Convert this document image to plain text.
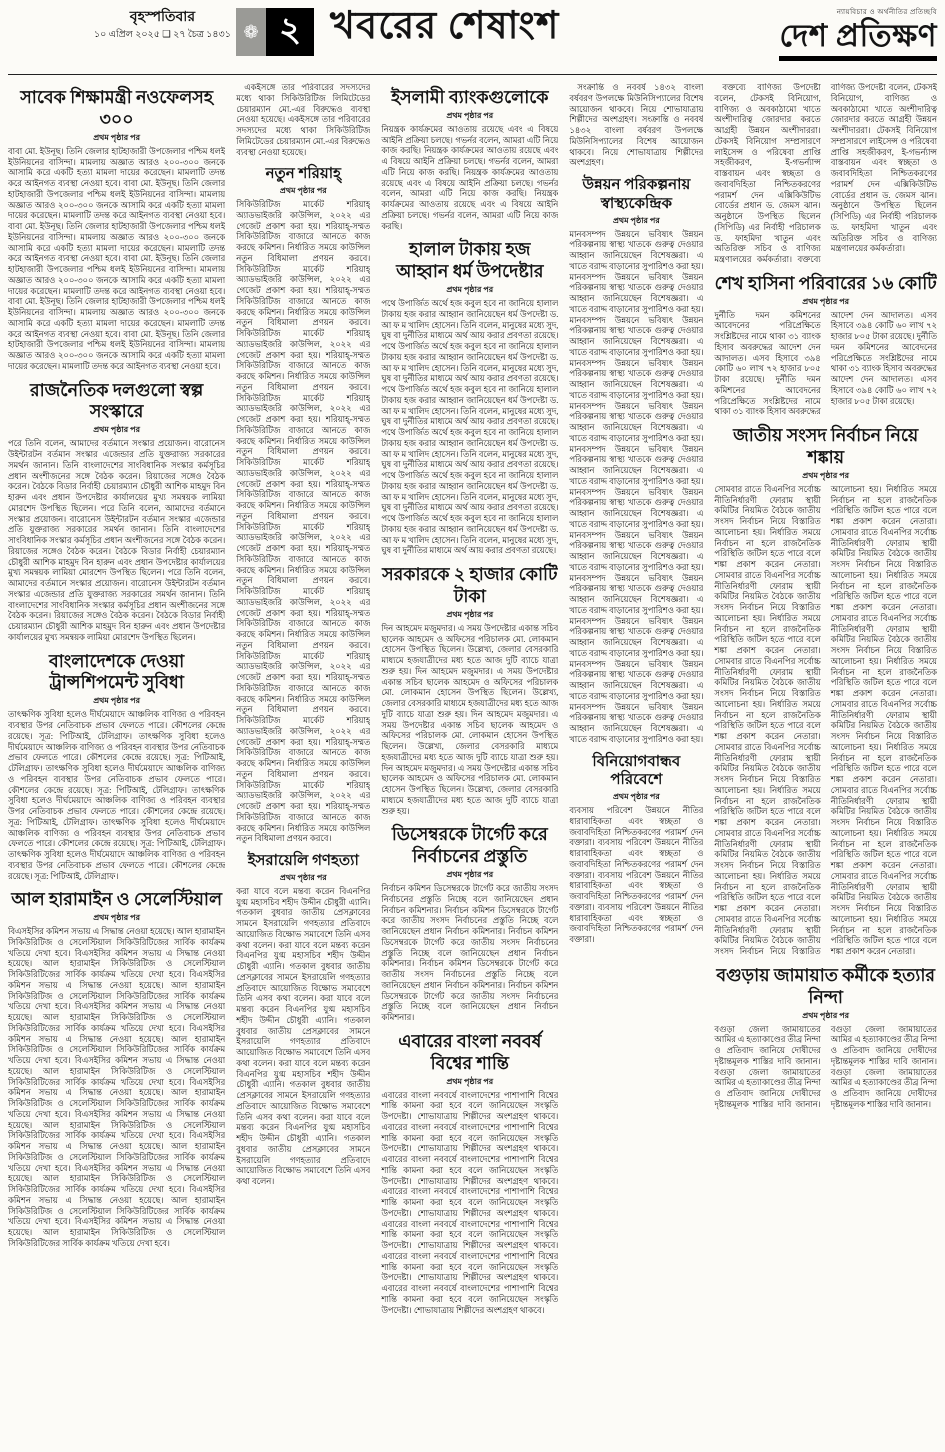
বৃহস্পতিবার
১০ এপ্রিল ২০২৫ ❑ ২৭ চৈত্র ১৪৩১ ❁ ২ খবরের শেষাংশ	ন্যায়বিচার ও অর্থনীতির প্রতিচ্ছবি
দেশ প্রতিক্ষণ
সাবেক শিক্ষামন্ত্রী নওফেলসহ ৩০০
প্রথম পৃষ্ঠার পর

বাবা মো. ইউনূছ। তিনি জেলার হাটহাজারী উপজেলার পশ্চিম ধলই ইউনিয়নের বাসিন্দা। মামলায় অজ্ঞাত আরও ২০০-৩০০ জনকে আসামি করে একটি হত্যা মামলা দায়ের করেছেন। মামলাটি তদন্ত করে আইনগত ব্যবস্থা নেওয়া হবে। বাবা মো. ইউনূছ। তিনি জেলার হাটহাজারী উপজেলার পশ্চিম ধলই ইউনিয়নের বাসিন্দা। মামলায় অজ্ঞাত আরও ২০০-৩০০ জনকে আসামি করে একটি হত্যা মামলা দায়ের করেছেন। মামলাটি তদন্ত করে আইনগত ব্যবস্থা নেওয়া হবে। বাবা মো. ইউনূছ। তিনি জেলার হাটহাজারী উপজেলার পশ্চিম ধলই ইউনিয়নের বাসিন্দা। মামলায় অজ্ঞাত আরও ২০০-৩০০ জনকে আসামি করে একটি হত্যা মামলা দায়ের করেছেন। মামলাটি তদন্ত করে আইনগত ব্যবস্থা নেওয়া হবে। বাবা মো. ইউনূছ। তিনি জেলার হাটহাজারী উপজেলার পশ্চিম ধলই ইউনিয়নের বাসিন্দা। মামলায় অজ্ঞাত আরও ২০০-৩০০ জনকে আসামি করে একটি হত্যা মামলা দায়ের করেছেন। মামলাটি তদন্ত করে আইনগত ব্যবস্থা নেওয়া হবে। বাবা মো. ইউনূছ। তিনি জেলার হাটহাজারী উপজেলার পশ্চিম ধলই ইউনিয়নের বাসিন্দা। মামলায় অজ্ঞাত আরও ২০০-৩০০ জনকে আসামি করে একটি হত্যা মামলা দায়ের করেছেন। মামলাটি তদন্ত করে আইনগত ব্যবস্থা নেওয়া হবে। বাবা মো. ইউনূছ। তিনি জেলার হাটহাজারী উপজেলার পশ্চিম ধলই ইউনিয়নের বাসিন্দা। মামলায় অজ্ঞাত আরও ২০০-৩০০ জনকে আসামি করে একটি হত্যা মামলা দায়ের করেছেন। মামলাটি তদন্ত করে আইনগত ব্যবস্থা নেওয়া হবে।

রাজনৈতিক দলগুলো স্বল্প সংস্কারে
প্রথম পৃষ্ঠার পর

পরে তিনি বলেন, আমাদের বর্তমানে সংস্কার প্রয়োজন। বারোনেস উইন্টারটন বর্তমান সংস্কার এজেন্ডার প্রতি যুক্তরাজ্য সরকারের সমর্থন জানান। তিনি বাংলাদেশের সাংবিধানিক সংস্কার কর্মসূচির প্রধান অংশীজনের সঙ্গে বৈঠক করেন। রিয়াজের সঙ্গেও বৈঠক করেন। বৈঠকে বিডার নির্বাহী চেয়ারম্যান চৌধুরী আশিক মাহমুদ বিন হারুন এবং প্রধান উপদেষ্টার কার্যালয়ের মুখ্য সমন্বয়ক লামিয়া মোরশেদ উপস্থিত ছিলেন। পরে তিনি বলেন, আমাদের বর্তমানে সংস্কার প্রয়োজন। বারোনেস উইন্টারটন বর্তমান সংস্কার এজেন্ডার প্রতি যুক্তরাজ্য সরকারের সমর্থন জানান। তিনি বাংলাদেশের সাংবিধানিক সংস্কার কর্মসূচির প্রধান অংশীজনের সঙ্গে বৈঠক করেন। রিয়াজের সঙ্গেও বৈঠক করেন। বৈঠকে বিডার নির্বাহী চেয়ারম্যান চৌধুরী আশিক মাহমুদ বিন হারুন এবং প্রধান উপদেষ্টার কার্যালয়ের মুখ্য সমন্বয়ক লামিয়া মোরশেদ উপস্থিত ছিলেন। পরে তিনি বলেন, আমাদের বর্তমানে সংস্কার প্রয়োজন। বারোনেস উইন্টারটন বর্তমান সংস্কার এজেন্ডার প্রতি যুক্তরাজ্য সরকারের সমর্থন জানান। তিনি বাংলাদেশের সাংবিধানিক সংস্কার কর্মসূচির প্রধান অংশীজনের সঙ্গে বৈঠক করেন। রিয়াজের সঙ্গেও বৈঠক করেন। বৈঠকে বিডার নির্বাহী চেয়ারম্যান চৌধুরী আশিক মাহমুদ বিন হারুন এবং প্রধান উপদেষ্টার কার্যালয়ের মুখ্য সমন্বয়ক লামিয়া মোরশেদ উপস্থিত ছিলেন।

বাংলাদেশকে দেওয়া ট্রান্সশিপমেন্ট সুবিধা
প্রথম পৃষ্ঠার পর

তাৎক্ষণিক সুবিধা হলেও দীর্ঘমেয়াদে আঞ্চলিক বাণিজ্য ও পরিবহন ব্যবস্থার উপর নেতিবাচক প্রভাব ফেলতে পারে। কৌশলের কেন্দ্রে রয়েছে। সূত্র: পিটিআই, টেলিগ্রাফ। তাৎক্ষণিক সুবিধা হলেও দীর্ঘমেয়াদে আঞ্চলিক বাণিজ্য ও পরিবহন ব্যবস্থার উপর নেতিবাচক প্রভাব ফেলতে পারে। কৌশলের কেন্দ্রে রয়েছে। সূত্র: পিটিআই, টেলিগ্রাফ। তাৎক্ষণিক সুবিধা হলেও দীর্ঘমেয়াদে আঞ্চলিক বাণিজ্য ও পরিবহন ব্যবস্থার উপর নেতিবাচক প্রভাব ফেলতে পারে। কৌশলের কেন্দ্রে রয়েছে। সূত্র: পিটিআই, টেলিগ্রাফ। তাৎক্ষণিক সুবিধা হলেও দীর্ঘমেয়াদে আঞ্চলিক বাণিজ্য ও পরিবহন ব্যবস্থার উপর নেতিবাচক প্রভাব ফেলতে পারে। কৌশলের কেন্দ্রে রয়েছে। সূত্র: পিটিআই, টেলিগ্রাফ। তাৎক্ষণিক সুবিধা হলেও দীর্ঘমেয়াদে আঞ্চলিক বাণিজ্য ও পরিবহন ব্যবস্থার উপর নেতিবাচক প্রভাব ফেলতে পারে। কৌশলের কেন্দ্রে রয়েছে। সূত্র: পিটিআই, টেলিগ্রাফ। তাৎক্ষণিক সুবিধা হলেও দীর্ঘমেয়াদে আঞ্চলিক বাণিজ্য ও পরিবহন ব্যবস্থার উপর নেতিবাচক প্রভাব ফেলতে পারে। কৌশলের কেন্দ্রে রয়েছে। সূত্র: পিটিআই, টেলিগ্রাফ।

আল হারামাইন ও সেলেস্টিয়াল
প্রথম পৃষ্ঠার পর

বিএসইসির কমিশন সভায় এ সিদ্ধান্ত নেওয়া হয়েছে। আল হারামাইন সিকিউরিটিজ ও সেলেস্টিয়াল সিকিউরিটিজের সার্বিক কার্যক্রম খতিয়ে দেখা হবে। বিএসইসির কমিশন সভায় এ সিদ্ধান্ত নেওয়া হয়েছে। আল হারামাইন সিকিউরিটিজ ও সেলেস্টিয়াল সিকিউরিটিজের সার্বিক কার্যক্রম খতিয়ে দেখা হবে। বিএসইসির কমিশন সভায় এ সিদ্ধান্ত নেওয়া হয়েছে। আল হারামাইন সিকিউরিটিজ ও সেলেস্টিয়াল সিকিউরিটিজের সার্বিক কার্যক্রম খতিয়ে দেখা হবে। বিএসইসির কমিশন সভায় এ সিদ্ধান্ত নেওয়া হয়েছে। আল হারামাইন সিকিউরিটিজ ও সেলেস্টিয়াল সিকিউরিটিজের সার্বিক কার্যক্রম খতিয়ে দেখা হবে। বিএসইসির কমিশন সভায় এ সিদ্ধান্ত নেওয়া হয়েছে। আল হারামাইন সিকিউরিটিজ ও সেলেস্টিয়াল সিকিউরিটিজের সার্বিক কার্যক্রম খতিয়ে দেখা হবে। বিএসইসির কমিশন সভায় এ সিদ্ধান্ত নেওয়া হয়েছে। আল হারামাইন সিকিউরিটিজ ও সেলেস্টিয়াল সিকিউরিটিজের সার্বিক কার্যক্রম খতিয়ে দেখা হবে। বিএসইসির কমিশন সভায় এ সিদ্ধান্ত নেওয়া হয়েছে। আল হারামাইন সিকিউরিটিজ ও সেলেস্টিয়াল সিকিউরিটিজের সার্বিক কার্যক্রম খতিয়ে দেখা হবে। বিএসইসির কমিশন সভায় এ সিদ্ধান্ত নেওয়া হয়েছে। আল হারামাইন সিকিউরিটিজ ও সেলেস্টিয়াল সিকিউরিটিজের সার্বিক কার্যক্রম খতিয়ে দেখা হবে। বিএসইসির কমিশন সভায় এ সিদ্ধান্ত নেওয়া হয়েছে। আল হারামাইন সিকিউরিটিজ ও সেলেস্টিয়াল সিকিউরিটিজের সার্বিক কার্যক্রম খতিয়ে দেখা হবে। বিএসইসির কমিশন সভায় এ সিদ্ধান্ত নেওয়া হয়েছে। আল হারামাইন সিকিউরিটিজ ও সেলেস্টিয়াল সিকিউরিটিজের সার্বিক কার্যক্রম খতিয়ে দেখা হবে। বিএসইসির কমিশন সভায় এ সিদ্ধান্ত নেওয়া হয়েছে। আল হারামাইন সিকিউরিটিজ ও সেলেস্টিয়াল সিকিউরিটিজের সার্বিক কার্যক্রম খতিয়ে দেখা হবে। বিএসইসির কমিশন সভায় এ সিদ্ধান্ত নেওয়া হয়েছে। আল হারামাইন সিকিউরিটিজ ও সেলেস্টিয়াল সিকিউরিটিজের সার্বিক কার্যক্রম খতিয়ে দেখা হবে।

একইসঙ্গে তার পরিবারের সদস্যদের মধ্যে থাকা সিকিউরিটিজ লিমিটেডের চেয়ারম্যান মো.-এর বিরুদ্ধেও ব্যবস্থা নেওয়া হয়েছে। একইসঙ্গে তার পরিবারের সদস্যদের মধ্যে থাকা সিকিউরিটিজ লিমিটেডের চেয়ারম্যান মো.-এর বিরুদ্ধেও ব্যবস্থা নেওয়া হয়েছে।

নতুন শরিয়াহ্
প্রথম পৃষ্ঠার পর

সিকিউরিটিজ মার্কেট শরিয়াহ্ অ্যাডভাইজরি কাউন্সিল, ২০২২ এর গেজেট প্রকাশ করা হয়। শরিয়াহ্-সম্মত সিকিউরিটিজ বাজারে আনতে কাজ করছে কমিশন। নির্ধারিত সময়ে কাউন্সিল নতুন বিধিমালা প্রণয়ন করবে। সিকিউরিটিজ মার্কেট শরিয়াহ্ অ্যাডভাইজরি কাউন্সিল, ২০২২ এর গেজেট প্রকাশ করা হয়। শরিয়াহ্-সম্মত সিকিউরিটিজ বাজারে আনতে কাজ করছে কমিশন। নির্ধারিত সময়ে কাউন্সিল নতুন বিধিমালা প্রণয়ন করবে। সিকিউরিটিজ মার্কেট শরিয়াহ্ অ্যাডভাইজরি কাউন্সিল, ২০২২ এর গেজেট প্রকাশ করা হয়। শরিয়াহ্-সম্মত সিকিউরিটিজ বাজারে আনতে কাজ করছে কমিশন। নির্ধারিত সময়ে কাউন্সিল নতুন বিধিমালা প্রণয়ন করবে। সিকিউরিটিজ মার্কেট শরিয়াহ্ অ্যাডভাইজরি কাউন্সিল, ২০২২ এর গেজেট প্রকাশ করা হয়। শরিয়াহ্-সম্মত সিকিউরিটিজ বাজারে আনতে কাজ করছে কমিশন। নির্ধারিত সময়ে কাউন্সিল নতুন বিধিমালা প্রণয়ন করবে। সিকিউরিটিজ মার্কেট শরিয়াহ্ অ্যাডভাইজরি কাউন্সিল, ২০২২ এর গেজেট প্রকাশ করা হয়। শরিয়াহ্-সম্মত সিকিউরিটিজ বাজারে আনতে কাজ করছে কমিশন। নির্ধারিত সময়ে কাউন্সিল নতুন বিধিমালা প্রণয়ন করবে। সিকিউরিটিজ মার্কেট শরিয়াহ্ অ্যাডভাইজরি কাউন্সিল, ২০২২ এর গেজেট প্রকাশ করা হয়। শরিয়াহ্-সম্মত সিকিউরিটিজ বাজারে আনতে কাজ করছে কমিশন। নির্ধারিত সময়ে কাউন্সিল নতুন বিধিমালা প্রণয়ন করবে। সিকিউরিটিজ মার্কেট শরিয়াহ্ অ্যাডভাইজরি কাউন্সিল, ২০২২ এর গেজেট প্রকাশ করা হয়। শরিয়াহ্-সম্মত সিকিউরিটিজ বাজারে আনতে কাজ করছে কমিশন। নির্ধারিত সময়ে কাউন্সিল নতুন বিধিমালা প্রণয়ন করবে। সিকিউরিটিজ মার্কেট শরিয়াহ্ অ্যাডভাইজরি কাউন্সিল, ২০২২ এর গেজেট প্রকাশ করা হয়। শরিয়াহ্-সম্মত সিকিউরিটিজ বাজারে আনতে কাজ করছে কমিশন। নির্ধারিত সময়ে কাউন্সিল নতুন বিধিমালা প্রণয়ন করবে। সিকিউরিটিজ মার্কেট শরিয়াহ্ অ্যাডভাইজরি কাউন্সিল, ২০২২ এর গেজেট প্রকাশ করা হয়। শরিয়াহ্-সম্মত সিকিউরিটিজ বাজারে আনতে কাজ করছে কমিশন। নির্ধারিত সময়ে কাউন্সিল নতুন বিধিমালা প্রণয়ন করবে। সিকিউরিটিজ মার্কেট শরিয়াহ্ অ্যাডভাইজরি কাউন্সিল, ২০২২ এর গেজেট প্রকাশ করা হয়। শরিয়াহ্-সম্মত সিকিউরিটিজ বাজারে আনতে কাজ করছে কমিশন। নির্ধারিত সময়ে কাউন্সিল নতুন বিধিমালা প্রণয়ন করবে।

ইসরায়েলি গণহত্যা
প্রথম পৃষ্ঠার পর

করা যাবে বলে মন্তব্য করেন বিএনপির যুগ্ম মহাসচিব শহীদ উদ্দীন চৌধুরী এ্যানি। গতকাল বুধবার জাতীয় প্রেসক্লাবের সামনে ইসরায়েলি গণহত্যার প্রতিবাদে আয়োজিত বিক্ষোভ সমাবেশে তিনি এসব কথা বলেন। করা যাবে বলে মন্তব্য করেন বিএনপির যুগ্ম মহাসচিব শহীদ উদ্দীন চৌধুরী এ্যানি। গতকাল বুধবার জাতীয় প্রেসক্লাবের সামনে ইসরায়েলি গণহত্যার প্রতিবাদে আয়োজিত বিক্ষোভ সমাবেশে তিনি এসব কথা বলেন। করা যাবে বলে মন্তব্য করেন বিএনপির যুগ্ম মহাসচিব শহীদ উদ্দীন চৌধুরী এ্যানি। গতকাল বুধবার জাতীয় প্রেসক্লাবের সামনে ইসরায়েলি গণহত্যার প্রতিবাদে আয়োজিত বিক্ষোভ সমাবেশে তিনি এসব কথা বলেন। করা যাবে বলে মন্তব্য করেন বিএনপির যুগ্ম মহাসচিব শহীদ উদ্দীন চৌধুরী এ্যানি। গতকাল বুধবার জাতীয় প্রেসক্লাবের সামনে ইসরায়েলি গণহত্যার প্রতিবাদে আয়োজিত বিক্ষোভ সমাবেশে তিনি এসব কথা বলেন। করা যাবে বলে মন্তব্য করেন বিএনপির যুগ্ম মহাসচিব শহীদ উদ্দীন চৌধুরী এ্যানি। গতকাল বুধবার জাতীয় প্রেসক্লাবের সামনে ইসরায়েলি গণহত্যার প্রতিবাদে আয়োজিত বিক্ষোভ সমাবেশে তিনি এসব কথা বলেন।

ইসলামী ব্যাংকগুলোকে
প্রথম পৃষ্ঠার পর

নিয়ন্ত্রক কার্যক্রমের আওতায় রয়েছে এবং এ বিষয়ে আইনি প্রক্রিয়া চলছে। গভর্নর বলেন, আমরা এটি নিয়ে কাজ করছি। নিয়ন্ত্রক কার্যক্রমের আওতায় রয়েছে এবং এ বিষয়ে আইনি প্রক্রিয়া চলছে। গভর্নর বলেন, আমরা এটি নিয়ে কাজ করছি। নিয়ন্ত্রক কার্যক্রমের আওতায় রয়েছে এবং এ বিষয়ে আইনি প্রক্রিয়া চলছে। গভর্নর বলেন, আমরা এটি নিয়ে কাজ করছি। নিয়ন্ত্রক কার্যক্রমের আওতায় রয়েছে এবং এ বিষয়ে আইনি প্রক্রিয়া চলছে। গভর্নর বলেন, আমরা এটি নিয়ে কাজ করছি।

হালাল টাকায় হজ আহ্বান ধর্ম উপদেষ্টার
প্রথম পৃষ্ঠার পর

পথে উপার্জিত অর্থে হজ কবুল হবে না জানিয়ে হালাল টাকায় হজ করার আহ্বান জানিয়েছেন ধর্ম উপদেষ্টা ড. আ ফ ম খালিদ হোসেন। তিনি বলেন, মানুষের মধ্যে সুদ, ঘুষ বা দুর্নীতির মাধ্যমে অর্থ আয় করার প্রবণতা রয়েছে। পথে উপার্জিত অর্থে হজ কবুল হবে না জানিয়ে হালাল টাকায় হজ করার আহ্বান জানিয়েছেন ধর্ম উপদেষ্টা ড. আ ফ ম খালিদ হোসেন। তিনি বলেন, মানুষের মধ্যে সুদ, ঘুষ বা দুর্নীতির মাধ্যমে অর্থ আয় করার প্রবণতা রয়েছে। পথে উপার্জিত অর্থে হজ কবুল হবে না জানিয়ে হালাল টাকায় হজ করার আহ্বান জানিয়েছেন ধর্ম উপদেষ্টা ড. আ ফ ম খালিদ হোসেন। তিনি বলেন, মানুষের মধ্যে সুদ, ঘুষ বা দুর্নীতির মাধ্যমে অর্থ আয় করার প্রবণতা রয়েছে। পথে উপার্জিত অর্থে হজ কবুল হবে না জানিয়ে হালাল টাকায় হজ করার আহ্বান জানিয়েছেন ধর্ম উপদেষ্টা ড. আ ফ ম খালিদ হোসেন। তিনি বলেন, মানুষের মধ্যে সুদ, ঘুষ বা দুর্নীতির মাধ্যমে অর্থ আয় করার প্রবণতা রয়েছে। পথে উপার্জিত অর্থে হজ কবুল হবে না জানিয়ে হালাল টাকায় হজ করার আহ্বান জানিয়েছেন ধর্ম উপদেষ্টা ড. আ ফ ম খালিদ হোসেন। তিনি বলেন, মানুষের মধ্যে সুদ, ঘুষ বা দুর্নীতির মাধ্যমে অর্থ আয় করার প্রবণতা রয়েছে। পথে উপার্জিত অর্থে হজ কবুল হবে না জানিয়ে হালাল টাকায় হজ করার আহ্বান জানিয়েছেন ধর্ম উপদেষ্টা ড. আ ফ ম খালিদ হোসেন। তিনি বলেন, মানুষের মধ্যে সুদ, ঘুষ বা দুর্নীতির মাধ্যমে অর্থ আয় করার প্রবণতা রয়েছে।

সরকারকে ২ হাজার কোটি টাকা
প্রথম পৃষ্ঠার পর

দিন আহমেদ মজুমদার। এ সময় উপদেষ্টার একান্ত সচিব ছালেক আহমেদ ও অফিসের পরিচালক মো. লোকমান হোসেন উপস্থিত ছিলেন। উল্লেখ্য, জেলার বেসরকারি মাধ্যমে হজযাত্রীদের মধ্য হতে আজ দুটি ব্যাচে যাত্রা শুরু হয়। দিন আহমেদ মজুমদার। এ সময় উপদেষ্টার একান্ত সচিব ছালেক আহমেদ ও অফিসের পরিচালক মো. লোকমান হোসেন উপস্থিত ছিলেন। উল্লেখ্য, জেলার বেসরকারি মাধ্যমে হজযাত্রীদের মধ্য হতে আজ দুটি ব্যাচে যাত্রা শুরু হয়। দিন আহমেদ মজুমদার। এ সময় উপদেষ্টার একান্ত সচিব ছালেক আহমেদ ও অফিসের পরিচালক মো. লোকমান হোসেন উপস্থিত ছিলেন। উল্লেখ্য, জেলার বেসরকারি মাধ্যমে হজযাত্রীদের মধ্য হতে আজ দুটি ব্যাচে যাত্রা শুরু হয়। দিন আহমেদ মজুমদার। এ সময় উপদেষ্টার একান্ত সচিব ছালেক আহমেদ ও অফিসের পরিচালক মো. লোকমান হোসেন উপস্থিত ছিলেন। উল্লেখ্য, জেলার বেসরকারি মাধ্যমে হজযাত্রীদের মধ্য হতে আজ দুটি ব্যাচে যাত্রা শুরু হয়।

ডিসেম্বরকে টার্গেট করে নির্বাচনের প্রস্তুতি
প্রথম পৃষ্ঠার পর

নির্বাচন কমিশন ডিসেম্বরকে টার্গেট করে জাতীয় সংসদ নির্বাচনের প্রস্তুতি নিচ্ছে বলে জানিয়েছেন প্রধান নির্বাচন কমিশনার। নির্বাচন কমিশন ডিসেম্বরকে টার্গেট করে জাতীয় সংসদ নির্বাচনের প্রস্তুতি নিচ্ছে বলে জানিয়েছেন প্রধান নির্বাচন কমিশনার। নির্বাচন কমিশন ডিসেম্বরকে টার্গেট করে জাতীয় সংসদ নির্বাচনের প্রস্তুতি নিচ্ছে বলে জানিয়েছেন প্রধান নির্বাচন কমিশনার। নির্বাচন কমিশন ডিসেম্বরকে টার্গেট করে জাতীয় সংসদ নির্বাচনের প্রস্তুতি নিচ্ছে বলে জানিয়েছেন প্রধান নির্বাচন কমিশনার। নির্বাচন কমিশন ডিসেম্বরকে টার্গেট করে জাতীয় সংসদ নির্বাচনের প্রস্তুতি নিচ্ছে বলে জানিয়েছেন প্রধান নির্বাচন কমিশনার।

এবারের বাংলা নববর্ষ বিশ্বের শান্তি
প্রথম পৃষ্ঠার পর

এবারের বাংলা নববর্ষে বাংলাদেশের পাশাপাশি বিশ্বের শান্তি কামনা করা হবে বলে জানিয়েছেন সংস্কৃতি উপদেষ্টা। শোভাযাত্রায় শিল্পীদের অংশগ্রহণ থাকবে। এবারের বাংলা নববর্ষে বাংলাদেশের পাশাপাশি বিশ্বের শান্তি কামনা করা হবে বলে জানিয়েছেন সংস্কৃতি উপদেষ্টা। শোভাযাত্রায় শিল্পীদের অংশগ্রহণ থাকবে। এবারের বাংলা নববর্ষে বাংলাদেশের পাশাপাশি বিশ্বের শান্তি কামনা করা হবে বলে জানিয়েছেন সংস্কৃতি উপদেষ্টা। শোভাযাত্রায় শিল্পীদের অংশগ্রহণ থাকবে। এবারের বাংলা নববর্ষে বাংলাদেশের পাশাপাশি বিশ্বের শান্তি কামনা করা হবে বলে জানিয়েছেন সংস্কৃতি উপদেষ্টা। শোভাযাত্রায় শিল্পীদের অংশগ্রহণ থাকবে। এবারের বাংলা নববর্ষে বাংলাদেশের পাশাপাশি বিশ্বের শান্তি কামনা করা হবে বলে জানিয়েছেন সংস্কৃতি উপদেষ্টা। শোভাযাত্রায় শিল্পীদের অংশগ্রহণ থাকবে। এবারের বাংলা নববর্ষে বাংলাদেশের পাশাপাশি বিশ্বের শান্তি কামনা করা হবে বলে জানিয়েছেন সংস্কৃতি উপদেষ্টা। শোভাযাত্রায় শিল্পীদের অংশগ্রহণ থাকবে। এবারের বাংলা নববর্ষে বাংলাদেশের পাশাপাশি বিশ্বের শান্তি কামনা করা হবে বলে জানিয়েছেন সংস্কৃতি উপদেষ্টা। শোভাযাত্রায় শিল্পীদের অংশগ্রহণ থাকবে।

সংক্রান্তি ও নববর্ষ ১৪৩২ বাংলা বর্ষবরণ উপলক্ষে মিউনিসিপ্যালের বিশেষ আয়োজন থাকবে। নিয়ে শোভাযাত্রায় শিল্পীদের অংশগ্রহণ। সংক্রান্তি ও নববর্ষ ১৪৩২ বাংলা বর্ষবরণ উপলক্ষে মিউনিসিপ্যালের বিশেষ আয়োজন থাকবে। নিয়ে শোভাযাত্রায় শিল্পীদের অংশগ্রহণ।

উন্নয়ন পরিকল্পনায় স্বাস্থ্যকেন্দ্রিক
প্রথম পৃষ্ঠার পর

মানবসম্পদ উন্নয়নে ভবিষ্যৎ উন্নয়ন পরিকল্পনায় স্বাস্থ্য খাতকে গুরুত্ব দেওয়ার আহ্বান জানিয়েছেন বিশেষজ্ঞরা। এ খাতে বরাদ্দ বাড়ানোর সুপারিশও করা হয়। মানবসম্পদ উন্নয়নে ভবিষ্যৎ উন্নয়ন পরিকল্পনায় স্বাস্থ্য খাতকে গুরুত্ব দেওয়ার আহ্বান জানিয়েছেন বিশেষজ্ঞরা। এ খাতে বরাদ্দ বাড়ানোর সুপারিশও করা হয়। মানবসম্পদ উন্নয়নে ভবিষ্যৎ উন্নয়ন পরিকল্পনায় স্বাস্থ্য খাতকে গুরুত্ব দেওয়ার আহ্বান জানিয়েছেন বিশেষজ্ঞরা। এ খাতে বরাদ্দ বাড়ানোর সুপারিশও করা হয়। মানবসম্পদ উন্নয়নে ভবিষ্যৎ উন্নয়ন পরিকল্পনায় স্বাস্থ্য খাতকে গুরুত্ব দেওয়ার আহ্বান জানিয়েছেন বিশেষজ্ঞরা। এ খাতে বরাদ্দ বাড়ানোর সুপারিশও করা হয়। মানবসম্পদ উন্নয়নে ভবিষ্যৎ উন্নয়ন পরিকল্পনায় স্বাস্থ্য খাতকে গুরুত্ব দেওয়ার আহ্বান জানিয়েছেন বিশেষজ্ঞরা। এ খাতে বরাদ্দ বাড়ানোর সুপারিশও করা হয়। মানবসম্পদ উন্নয়নে ভবিষ্যৎ উন্নয়ন পরিকল্পনায় স্বাস্থ্য খাতকে গুরুত্ব দেওয়ার আহ্বান জানিয়েছেন বিশেষজ্ঞরা। এ খাতে বরাদ্দ বাড়ানোর সুপারিশও করা হয়। মানবসম্পদ উন্নয়নে ভবিষ্যৎ উন্নয়ন পরিকল্পনায় স্বাস্থ্য খাতকে গুরুত্ব দেওয়ার আহ্বান জানিয়েছেন বিশেষজ্ঞরা। এ খাতে বরাদ্দ বাড়ানোর সুপারিশও করা হয়। মানবসম্পদ উন্নয়নে ভবিষ্যৎ উন্নয়ন পরিকল্পনায় স্বাস্থ্য খাতকে গুরুত্ব দেওয়ার আহ্বান জানিয়েছেন বিশেষজ্ঞরা। এ খাতে বরাদ্দ বাড়ানোর সুপারিশও করা হয়। মানবসম্পদ উন্নয়নে ভবিষ্যৎ উন্নয়ন পরিকল্পনায় স্বাস্থ্য খাতকে গুরুত্ব দেওয়ার আহ্বান জানিয়েছেন বিশেষজ্ঞরা। এ খাতে বরাদ্দ বাড়ানোর সুপারিশও করা হয়। মানবসম্পদ উন্নয়নে ভবিষ্যৎ উন্নয়ন পরিকল্পনায় স্বাস্থ্য খাতকে গুরুত্ব দেওয়ার আহ্বান জানিয়েছেন বিশেষজ্ঞরা। এ খাতে বরাদ্দ বাড়ানোর সুপারিশও করা হয়। মানবসম্পদ উন্নয়নে ভবিষ্যৎ উন্নয়ন পরিকল্পনায় স্বাস্থ্য খাতকে গুরুত্ব দেওয়ার আহ্বান জানিয়েছেন বিশেষজ্ঞরা। এ খাতে বরাদ্দ বাড়ানোর সুপারিশও করা হয়। মানবসম্পদ উন্নয়নে ভবিষ্যৎ উন্নয়ন পরিকল্পনায় স্বাস্থ্য খাতকে গুরুত্ব দেওয়ার আহ্বান জানিয়েছেন বিশেষজ্ঞরা। এ খাতে বরাদ্দ বাড়ানোর সুপারিশও করা হয়।

বিনিয়োগবান্ধব পরিবেশে
প্রথম পৃষ্ঠার পর

ব্যবসায় পরিবেশ উন্নয়নে নীতির ধারাবাহিকতা এবং স্বচ্ছতা ও জবাবদিহিতা নিশ্চিতকরণের পরামর্শ দেন বক্তারা। ব্যবসায় পরিবেশ উন্নয়নে নীতির ধারাবাহিকতা এবং স্বচ্ছতা ও জবাবদিহিতা নিশ্চিতকরণের পরামর্শ দেন বক্তারা। ব্যবসায় পরিবেশ উন্নয়নে নীতির ধারাবাহিকতা এবং স্বচ্ছতা ও জবাবদিহিতা নিশ্চিতকরণের পরামর্শ দেন বক্তারা। ব্যবসায় পরিবেশ উন্নয়নে নীতির ধারাবাহিকতা এবং স্বচ্ছতা ও জবাবদিহিতা নিশ্চিতকরণের পরামর্শ দেন বক্তারা।

বক্তব্যে বাণিজ্য উপদেষ্টা বলেন, টেকসই বিনিয়োগ, বাণিজ্য ও অবকাঠামো খাতে অংশীদারিত্ব জোরদার করতে আগ্রহী উন্নয়ন অংশীদাররা। টেকসই বিনিয়োগ সম্প্রসারণে লাইসেন্স ও পরিষেবা প্রাপ্তি সহজীকরণ, ই-গভর্ন্যান্স বাস্তবায়ন এবং স্বচ্ছতা ও জবাবদিহিতা নিশ্চিতকরণের পরামর্শ দেন এক্সিকিউটিভ বোর্ডের প্রধান ড. জেমস ঝান। অনুষ্ঠানে উপস্থিত ছিলেন (সিপিডি) এর নির্বাহী পরিচালক ড. ফাহমিদা খাতুন এবং অতিরিক্ত সচিব ও বাণিজ্য মন্ত্রণালয়ের কর্মকর্তারা। বক্তব্যে বাণিজ্য উপদেষ্টা বলেন, টেকসই বিনিয়োগ, বাণিজ্য ও অবকাঠামো খাতে অংশীদারিত্ব জোরদার করতে আগ্রহী উন্নয়ন অংশীদাররা। টেকসই বিনিয়োগ সম্প্রসারণে লাইসেন্স ও পরিষেবা প্রাপ্তি সহজীকরণ, ই-গভর্ন্যান্স বাস্তবায়ন এবং স্বচ্ছতা ও জবাবদিহিতা নিশ্চিতকরণের পরামর্শ দেন এক্সিকিউটিভ বোর্ডের প্রধান ড. জেমস ঝান। অনুষ্ঠানে উপস্থিত ছিলেন (সিপিডি) এর নির্বাহী পরিচালক ড. ফাহমিদা খাতুন এবং অতিরিক্ত সচিব ও বাণিজ্য মন্ত্রণালয়ের কর্মকর্তারা।

শেখ হাসিনা পরিবারের ১৬ কোটি
প্রথম পৃষ্ঠার পর

দুর্নীতি দমন কমিশনের আবেদনের পরিপ্রেক্ষিতে সংশ্লিষ্টদের নামে থাকা ৩১ ব্যাংক হিসাব অবরুদ্ধের আদেশ দেন আদালত। এসব হিসাবে ৩৯৪ কোটি ৬০ লাখ ৭২ হাজার ৮০৫ টাকা রয়েছে। দুর্নীতি দমন কমিশনের আবেদনের পরিপ্রেক্ষিতে সংশ্লিষ্টদের নামে থাকা ৩১ ব্যাংক হিসাব অবরুদ্ধের আদেশ দেন আদালত। এসব হিসাবে ৩৯৪ কোটি ৬০ লাখ ৭২ হাজার ৮০৫ টাকা রয়েছে। দুর্নীতি দমন কমিশনের আবেদনের পরিপ্রেক্ষিতে সংশ্লিষ্টদের নামে থাকা ৩১ ব্যাংক হিসাব অবরুদ্ধের আদেশ দেন আদালত। এসব হিসাবে ৩৯৪ কোটি ৬০ লাখ ৭২ হাজার ৮০৫ টাকা রয়েছে।

জাতীয় সংসদ নির্বাচন নিয়ে শঙ্কায়
প্রথম পৃষ্ঠার পর

সোমবার রাতে বিএনপির সর্বোচ্চ নীতিনির্ধারণী ফোরাম স্থায়ী কমিটির নিয়মিত বৈঠকে জাতীয় সংসদ নির্বাচন নিয়ে বিস্তারিত আলোচনা হয়। নির্ধারিত সময়ে নির্বাচন না হলে রাজনৈতিক পরিস্থিতি জটিল হতে পারে বলে শঙ্কা প্রকাশ করেন নেতারা। সোমবার রাতে বিএনপির সর্বোচ্চ নীতিনির্ধারণী ফোরাম স্থায়ী কমিটির নিয়মিত বৈঠকে জাতীয় সংসদ নির্বাচন নিয়ে বিস্তারিত আলোচনা হয়। নির্ধারিত সময়ে নির্বাচন না হলে রাজনৈতিক পরিস্থিতি জটিল হতে পারে বলে শঙ্কা প্রকাশ করেন নেতারা। সোমবার রাতে বিএনপির সর্বোচ্চ নীতিনির্ধারণী ফোরাম স্থায়ী কমিটির নিয়মিত বৈঠকে জাতীয় সংসদ নির্বাচন নিয়ে বিস্তারিত আলোচনা হয়। নির্ধারিত সময়ে নির্বাচন না হলে রাজনৈতিক পরিস্থিতি জটিল হতে পারে বলে শঙ্কা প্রকাশ করেন নেতারা। সোমবার রাতে বিএনপির সর্বোচ্চ নীতিনির্ধারণী ফোরাম স্থায়ী কমিটির নিয়মিত বৈঠকে জাতীয় সংসদ নির্বাচন নিয়ে বিস্তারিত আলোচনা হয়। নির্ধারিত সময়ে নির্বাচন না হলে রাজনৈতিক পরিস্থিতি জটিল হতে পারে বলে শঙ্কা প্রকাশ করেন নেতারা। সোমবার রাতে বিএনপির সর্বোচ্চ নীতিনির্ধারণী ফোরাম স্থায়ী কমিটির নিয়মিত বৈঠকে জাতীয় সংসদ নির্বাচন নিয়ে বিস্তারিত আলোচনা হয়। নির্ধারিত সময়ে নির্বাচন না হলে রাজনৈতিক পরিস্থিতি জটিল হতে পারে বলে শঙ্কা প্রকাশ করেন নেতারা। সোমবার রাতে বিএনপির সর্বোচ্চ নীতিনির্ধারণী ফোরাম স্থায়ী কমিটির নিয়মিত বৈঠকে জাতীয় সংসদ নির্বাচন নিয়ে বিস্তারিত আলোচনা হয়। নির্ধারিত সময়ে নির্বাচন না হলে রাজনৈতিক পরিস্থিতি জটিল হতে পারে বলে শঙ্কা প্রকাশ করেন নেতারা। সোমবার রাতে বিএনপির সর্বোচ্চ নীতিনির্ধারণী ফোরাম স্থায়ী কমিটির নিয়মিত বৈঠকে জাতীয় সংসদ নির্বাচন নিয়ে বিস্তারিত আলোচনা হয়। নির্ধারিত সময়ে নির্বাচন না হলে রাজনৈতিক পরিস্থিতি জটিল হতে পারে বলে শঙ্কা প্রকাশ করেন নেতারা। সোমবার রাতে বিএনপির সর্বোচ্চ নীতিনির্ধারণী ফোরাম স্থায়ী কমিটির নিয়মিত বৈঠকে জাতীয় সংসদ নির্বাচন নিয়ে বিস্তারিত আলোচনা হয়। নির্ধারিত সময়ে নির্বাচন না হলে রাজনৈতিক পরিস্থিতি জটিল হতে পারে বলে শঙ্কা প্রকাশ করেন নেতারা। সোমবার রাতে বিএনপির সর্বোচ্চ নীতিনির্ধারণী ফোরাম স্থায়ী কমিটির নিয়মিত বৈঠকে জাতীয় সংসদ নির্বাচন নিয়ে বিস্তারিত আলোচনা হয়। নির্ধারিত সময়ে নির্বাচন না হলে রাজনৈতিক পরিস্থিতি জটিল হতে পারে বলে শঙ্কা প্রকাশ করেন নেতারা। সোমবার রাতে বিএনপির সর্বোচ্চ নীতিনির্ধারণী ফোরাম স্থায়ী কমিটির নিয়মিত বৈঠকে জাতীয় সংসদ নির্বাচন নিয়ে বিস্তারিত আলোচনা হয়। নির্ধারিত সময়ে নির্বাচন না হলে রাজনৈতিক পরিস্থিতি জটিল হতে পারে বলে শঙ্কা প্রকাশ করেন নেতারা। সোমবার রাতে বিএনপির সর্বোচ্চ নীতিনির্ধারণী ফোরাম স্থায়ী কমিটির নিয়মিত বৈঠকে জাতীয় সংসদ নির্বাচন নিয়ে বিস্তারিত আলোচনা হয়। নির্ধারিত সময়ে নির্বাচন না হলে রাজনৈতিক পরিস্থিতি জটিল হতে পারে বলে শঙ্কা প্রকাশ করেন নেতারা।

বগুড়ায় জামায়াত কর্মীকে হত্যার নিন্দা
প্রথম পৃষ্ঠার পর

বগুড়া জেলা জামায়াতের আমির এ হত্যাকাণ্ডের তীব্র নিন্দা ও প্রতিবাদ জানিয়ে দোষীদের দৃষ্টান্তমূলক শাস্তির দাবি জানান। বগুড়া জেলা জামায়াতের আমির এ হত্যাকাণ্ডের তীব্র নিন্দা ও প্রতিবাদ জানিয়ে দোষীদের দৃষ্টান্তমূলক শাস্তির দাবি জানান। বগুড়া জেলা জামায়াতের আমির এ হত্যাকাণ্ডের তীব্র নিন্দা ও প্রতিবাদ জানিয়ে দোষীদের দৃষ্টান্তমূলক শাস্তির দাবি জানান। বগুড়া জেলা জামায়াতের আমির এ হত্যাকাণ্ডের তীব্র নিন্দা ও প্রতিবাদ জানিয়ে দোষীদের দৃষ্টান্তমূলক শাস্তির দাবি জানান।
